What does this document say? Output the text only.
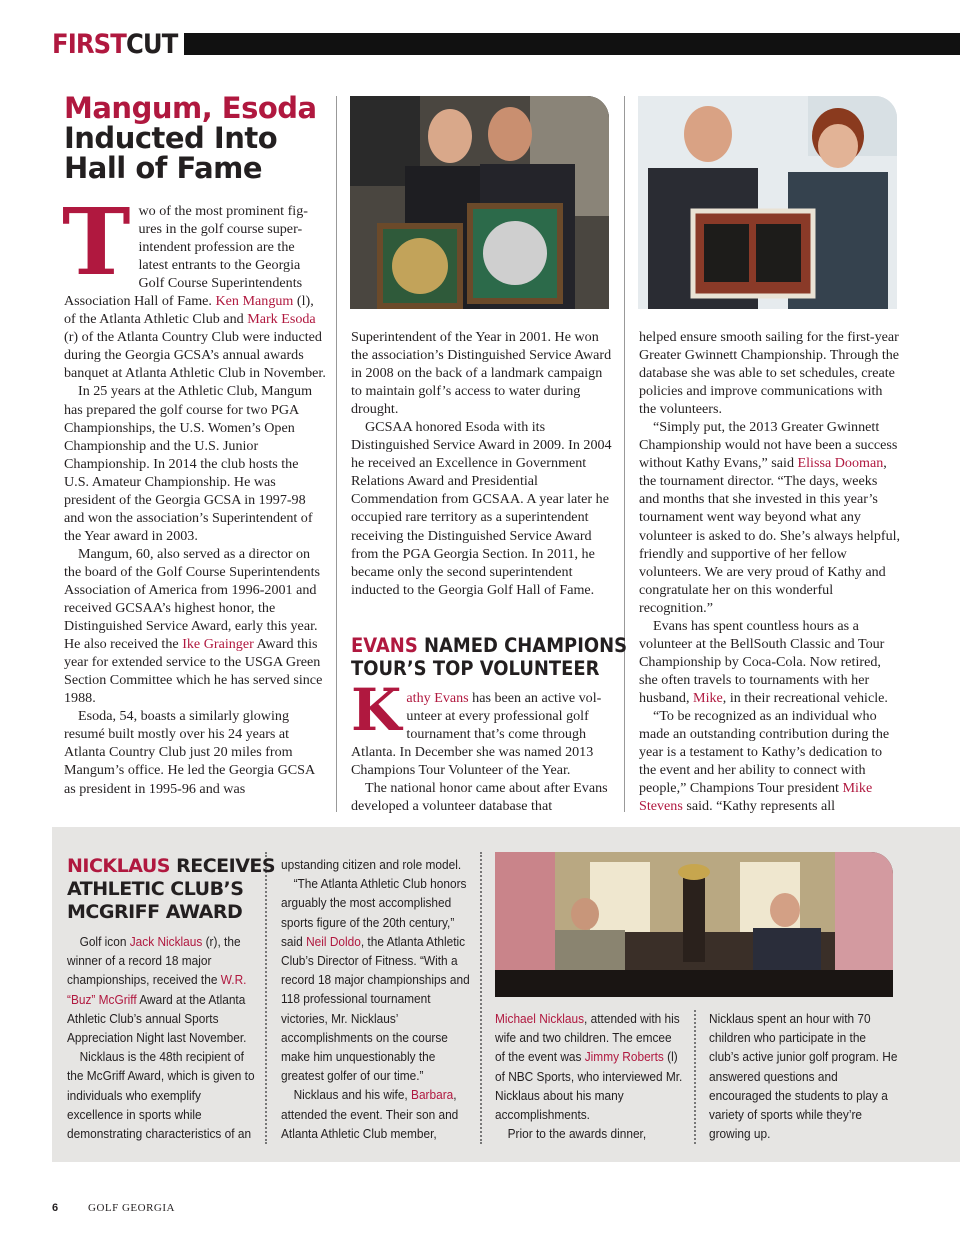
FIRSTCUT
Mangum, Esoda
Inducted Into
Hall of Fame
T wo of the most prominent fig-
ures in the golf course super-
intendent profession are the
latest entrants to the Georgia
Golf Course Superintendents

Association Hall of Fame. Ken Mangum (l), of the Atlanta Athletic Club and Mark Esoda (r) of the Atlanta Country Club were inducted during the Georgia GCSA’s annual awards banquet at Atlanta Athletic Club in November.

In 25 years at the Athletic Club, Mangum has prepared the golf course for two PGA Championships, the U.S. Women’s Open Championship and the U.S. Junior Championship. In 2014 the club hosts the U.S. Amateur Championship. He was president of the Georgia GCSA in 1997-98 and won the association’s Superintendent of the Year award in 2003.

Mangum, 60, also served as a director on the board of the Golf Course Superintendents Association of America from 1996-2001 and received GCSAA’s highest honor, the Distinguished Service Award, early this year. He also received the Ike Grainger Award this year for extended service to the USGA Green Section Committee which he has served since 1988.

Esoda, 54, boasts a similarly glowing resumé built mostly over his 24 years at Atlanta Country Club just 20 miles from Mangum’s office. He led the Georgia GCSA as president in 1995-96 and was

Superintendent of the Year in 2001. He won the association’s Distinguished Service Award in 2008 on the back of a landmark campaign to maintain golf’s access to water during drought.

GCSAA honored Esoda with its Distinguished Service Award in 2009. In 2004 he received an Excellence in Government Relations Award and Presidential Commendation from GCSAA. A year later he occupied rare territory as a superintendent receiving the Distinguished Service Award from the PGA Georgia Section. In 2011, he became only the second superintendent inducted to the Georgia Golf Hall of Fame.

EVANS NAMED CHAMPIONS
TOUR’S TOP VOLUNTEER
K athy Evans has been an active vol-
unteer at every professional golf
tournament that’s come through

Atlanta. In December she was named 2013 Champions Tour Volunteer of the Year.

The national honor came about after Evans developed a volunteer database that

helped ensure smooth sailing for the first-year Greater Gwinnett Championship. Through the database she was able to set schedules, create policies and improve communications with the volunteers.

“Simply put, the 2013 Greater Gwinnett Championship would not have been a success without Kathy Evans,” said Elissa Dooman, the tournament director. “The days, weeks and months that she invested in this year’s tournament went way beyond what any volunteer is asked to do. She’s always helpful, friendly and supportive of her fellow volunteers. We are very proud of Kathy and congratulate her on this wonderful recognition.”

Evans has spent countless hours as a volunteer at the BellSouth Classic and Tour Championship by Coca-Cola. Now retired, she often travels to tournaments with her husband, Mike, in their recreational vehicle.

“To be recognized as an individual who made an outstanding contribution during the year is a testament to Kathy’s dedication to the event and her ability to connect with people,” Champions Tour president Mike Stevens said. “Kathy represents all

NICKLAUS RECEIVES
ATHLETIC CLUB’S
MCGRIFF AWARD

Golf icon Jack Nicklaus (r), the winner of a record 18 major championships, received the W.R. “Buz” McGriff Award at the Atlanta Athletic Club’s annual Sports Appreciation Night last November.

Nicklaus is the 48th recipient of the McGriff Award, which is given to individuals who exemplify excellence in sports while demonstrating characteristics of an

upstanding citizen and role model.

“The Atlanta Athletic Club honors arguably the most accomplished sports figure of the 20th century,” said Neil Doldo, the Atlanta Athletic Club’s Director of Fitness. “With a record 18 major championships and 118 professional tournament victories, Mr. Nicklaus’ accomplishments on the course make him unquestionably the greatest golfer of our time.”

Nicklaus and his wife, Barbara, attended the event. Their son and Atlanta Athletic Club member,

Michael Nicklaus, attended with his wife and two children. The emcee of the event was Jimmy Roberts (l) of NBC Sports, who interviewed Mr. Nicklaus about his many accomplishments.

Prior to the awards dinner,

Nicklaus spent an hour with 70 children who participate in the club’s active junior golf program. He answered questions and encouraged the students to play a variety of sports while they’re growing up.

6	GOLF GEORGIA
